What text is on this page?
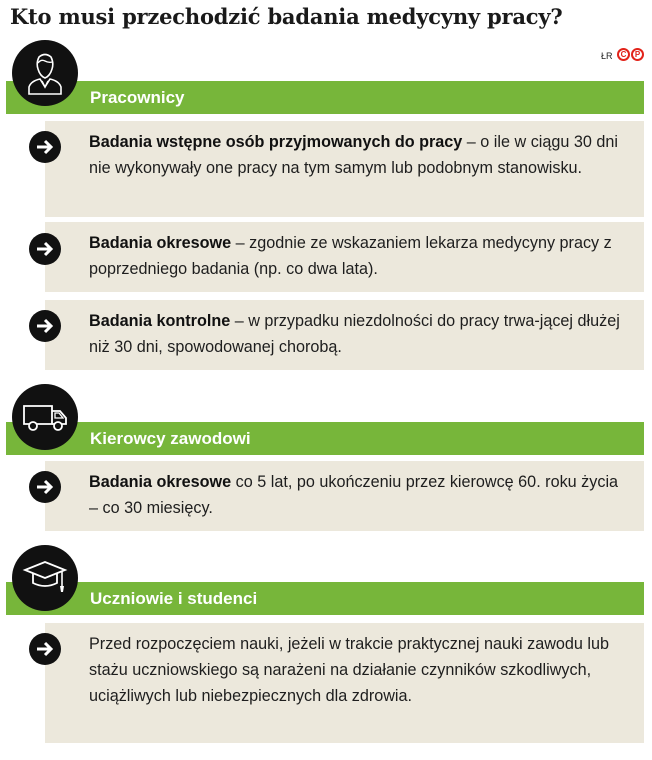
Kto musi przechodzić badania medycyny pracy?
ŁR	C	P
Pracownicy
Badania wstępne osób przyjmowanych do pracy – o ile w ciągu 30 dni nie wykonywały one pracy na tym samym lub podobnym stanowisku.
Badania okresowe – zgodnie ze wskazaniem lekarza medycyny pracy z poprzedniego badania (np. co dwa lata).
Badania kontrolne – w przypadku niezdolności do pracy trwa-jącej dłużej niż 30 dni, spowodowanej chorobą.
Kierowcy zawodowi
Badania okresowe co 5 lat, po ukończeniu przez kierowcę 60. roku życia – co 30 miesięcy.
Uczniowie i studenci
Przed rozpoczęciem nauki, jeżeli w trakcie praktycznej nauki zawodu lub stażu uczniowskiego są narażeni na działanie czynników szkodliwych, uciążliwych lub niebezpiecznych dla zdrowia.
